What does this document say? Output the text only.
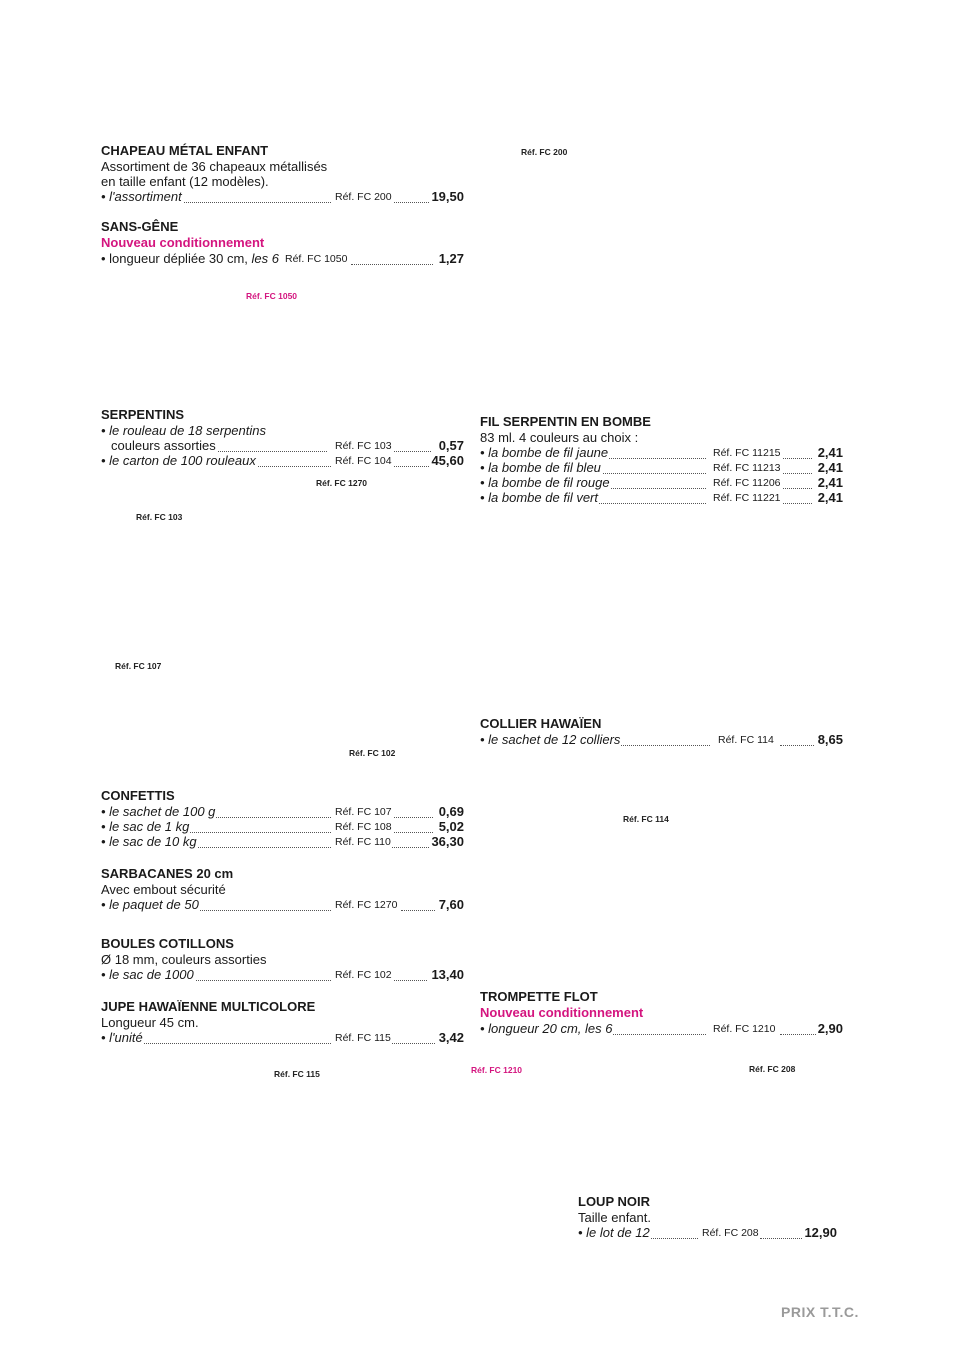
CHAPEAU MÉTAL ENFANT
Assortiment de 36 chapeaux métallisés
en taille enfant (12 modèles).
• l'assortiment	Réf. FC 200	19,50
SANS-GÊNE
Nouveau conditionnement
• longueur dépliée 30 cm, les 6 Réf. FC 1050	1,27
SERPENTINS
• le rouleau de 18 serpentins
couleurs assorties	Réf. FC 103	0,57
• le carton de 100 rouleaux	Réf. FC 104	45,60
FIL SERPENTIN EN BOMBE
83 ml. 4 couleurs au choix :
• la bombe de fil jaune	Réf. FC 11215	2,41
• la bombe de fil bleu	Réf. FC 11213	2,41
• la bombe de fil rouge	Réf. FC 11206	2,41
• la bombe de fil vert	Réf. FC 11221	2,41
COLLIER HAWAÏEN
• le sachet de 12 colliers	Réf. FC 114	8,65
CONFETTIS
• le sachet de 100 g	Réf. FC 107	0,69
• le sac de 1 kg	Réf. FC 108	5,02
• le sac de 10 kg	Réf. FC 110	36,30
SARBACANES 20 cm
Avec embout sécurité
• le paquet de 50	Réf. FC 1270	7,60
BOULES COTILLONS
Ø 18 mm, couleurs assorties
• le sac de 1000	Réf. FC 102	13,40
JUPE HAWAÏENNE MULTICOLORE
Longueur 45 cm.
• l'unité	Réf. FC 115	3,42
TROMPETTE FLOT
Nouveau conditionnement
• longueur 20 cm, les 6	Réf. FC 1210	2,90
LOUP NOIR
Taille enfant.
• le lot de 12	Réf. FC 208	12,90
Réf. FC 200
Réf. FC 1050
Réf. FC 1270
Réf. FC 103
Réf. FC 107
Réf. FC 102
Réf. FC 114
Réf. FC 115	Réf. FC 1210	Réf. FC 208
PRIX T.T.C.
